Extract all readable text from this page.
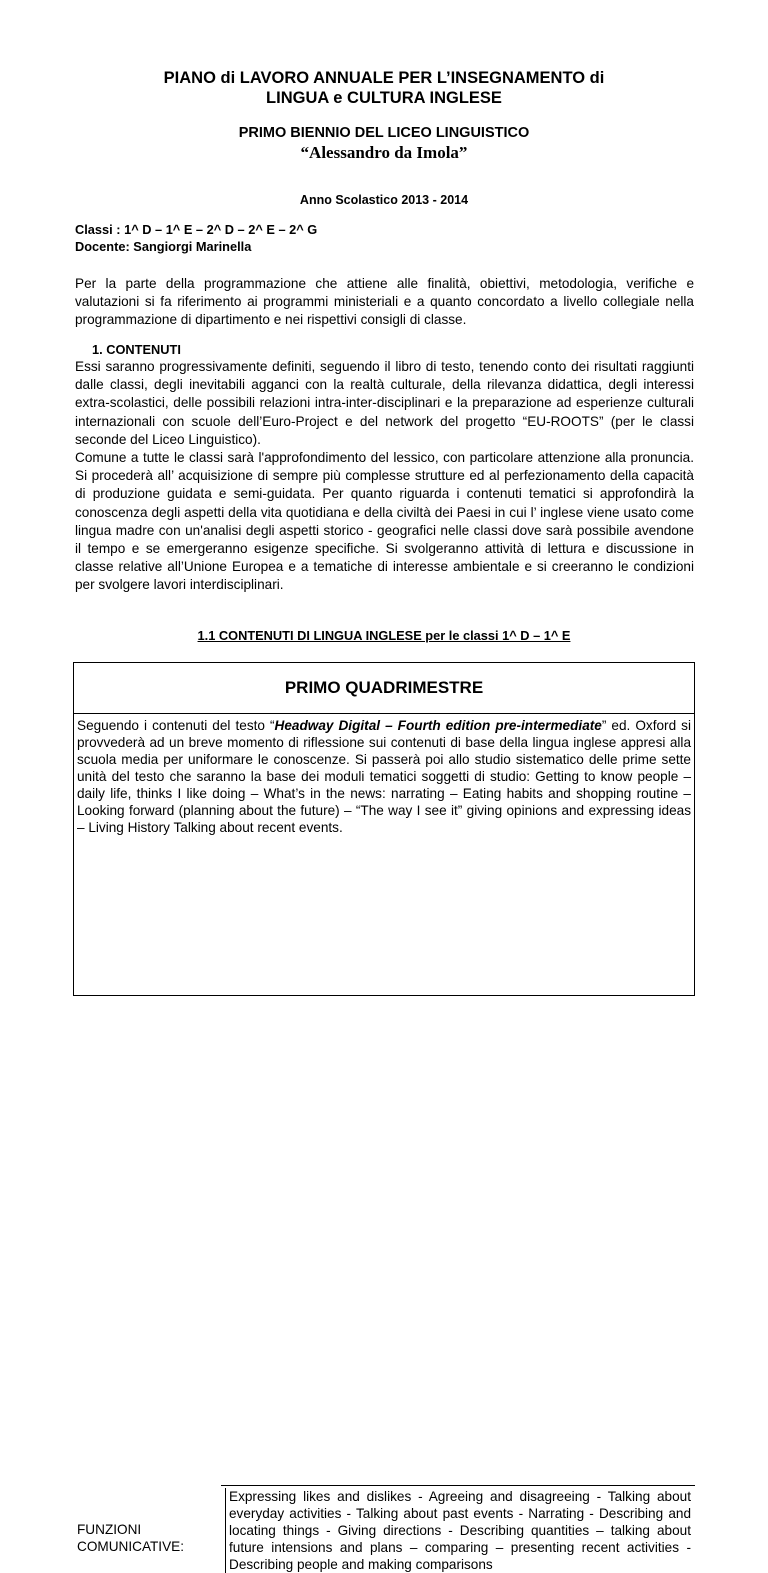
PIANO di LAVORO ANNUALE PER L’INSEGNAMENTO di
LINGUA e CULTURA INGLESE
PRIMO BIENNIO DEL LICEO LINGUISTICO
“Alessandro da Imola”
Anno Scolastico 2013 - 2014
Classi : 1^ D – 1^ E – 2^ D – 2^ E – 2^ G
Docente: Sangiorgi Marinella
Per la parte della programmazione che attiene alle finalità, obiettivi, metodologia, verifiche e valutazioni si fa riferimento ai programmi ministeriali e a quanto concordato a livello collegiale nella programmazione di dipartimento e nei rispettivi consigli di classe.
1. CONTENUTI
Essi saranno progressivamente definiti, seguendo il libro di testo, tenendo conto dei risultati raggiunti dalle classi, degli inevitabili agganci con la realtà culturale, della rilevanza didattica, degli interessi extra-scolastici, delle possibili relazioni intra-inter-disciplinari e la preparazione ad esperienze culturali internazionali con scuole dell’Euro-Project e del network del progetto “EU-ROOTS” (per le classi seconde del Liceo Linguistico).
Comune a tutte le classi sarà l'approfondimento del lessico, con particolare attenzione alla pronuncia. Si procederà all’ acquisizione di sempre più complesse strutture ed al perfezionamento della capacità di produzione guidata e semi-guidata. Per quanto riguarda i contenuti tematici si approfondirà la conoscenza degli aspetti della vita quotidiana e della civiltà dei Paesi in cui l’ inglese viene usato come lingua madre con un'analisi degli aspetti storico - geografici nelle classi dove sarà possibile avendone il tempo e se emergeranno esigenze specifiche. Si svolgeranno attività di lettura e discussione in classe relative all’Unione Europea e a tematiche di interesse ambientale e si creeranno le condizioni per svolgere lavori interdisciplinari.
1.1 CONTENUTI DI LINGUA INGLESE per le classi 1^ D – 1^ E
PRIMO QUADRIMESTRE
Seguendo i contenuti del testo “Headway Digital – Fourth edition pre-intermediate” ed. Oxford si provvederà ad un breve momento di riflessione sui contenuti di base della lingua inglese appresi alla scuola media per uniformare le conoscenze. Si passerà poi allo studio sistematico delle prime sette unità del testo che saranno la base dei moduli tematici soggetti di studio: Getting to know people – daily life, thinks I like doing – What’s in the news: narrating – Eating habits and shopping routine – Looking forward (planning about the future) – “The way I see it” giving opinions and expressing ideas – Living History Talking about recent events.
FUNZIONI COMUNICATIVE:
Expressing likes and dislikes - Agreeing and disagreeing - Talking about everyday activities - Talking about past events - Narrating - Describing and locating things - Giving directions - Describing quantities – talking about future intensions and plans – comparing – presenting recent activities - Describing people and making comparisons
